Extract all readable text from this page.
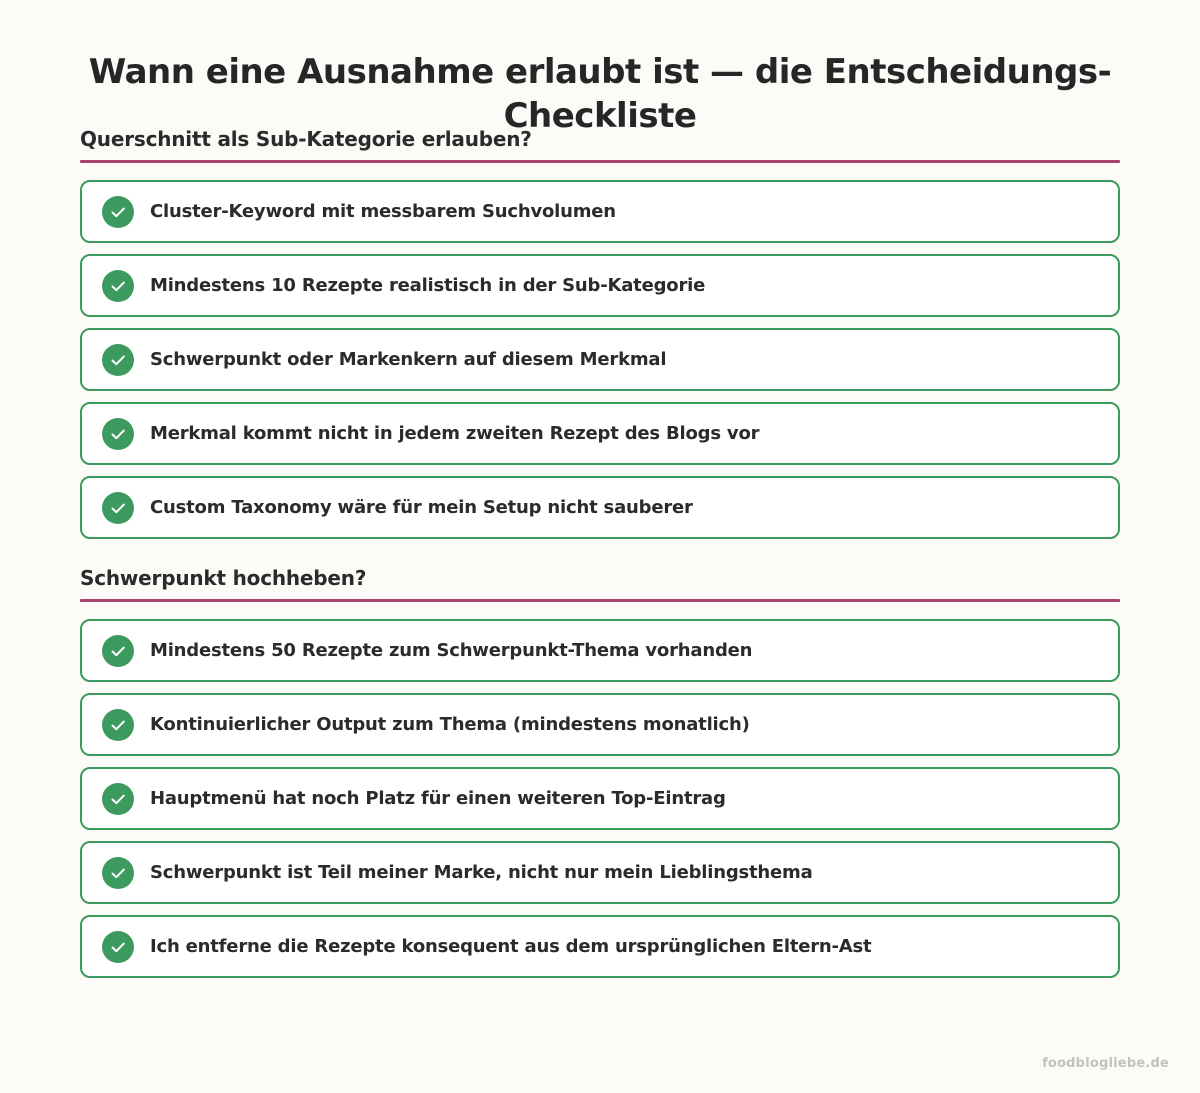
Wann eine Ausnahme erlaubt ist — die Entscheidungs-Checkliste
Querschnitt als Sub-Kategorie erlauben?
Cluster-Keyword mit messbarem Suchvolumen
Mindestens 10 Rezepte realistisch in der Sub-Kategorie
Schwerpunkt oder Markenkern auf diesem Merkmal
Merkmal kommt nicht in jedem zweiten Rezept des Blogs vor
Custom Taxonomy wäre für mein Setup nicht sauberer
Schwerpunkt hochheben?
Mindestens 50 Rezepte zum Schwerpunkt-Thema vorhanden
Kontinuierlicher Output zum Thema (mindestens monatlich)
Hauptmenü hat noch Platz für einen weiteren Top-Eintrag
Schwerpunkt ist Teil meiner Marke, nicht nur mein Lieblingsthema
Ich entferne die Rezepte konsequent aus dem ursprünglichen Eltern-Ast
foodblogliebe.de
